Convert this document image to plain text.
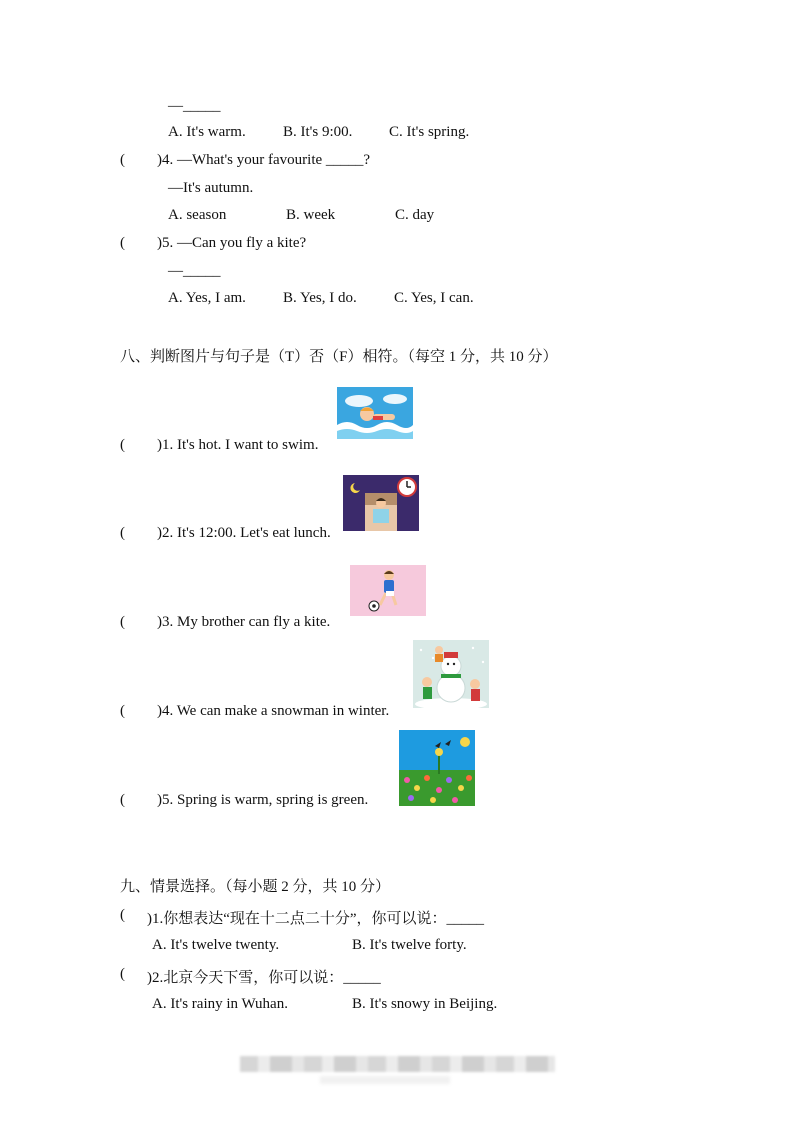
—_____
A. It's warm. B. It's 9:00. C. It's spring.
( )4. —What's your favourite _____?
—It's autumn.
A. season	B. week	C. day
( )5. —Can you fly a kite?
—_____
A. Yes, I am. B. Yes, I do. C. Yes, I can.
八、判断图片与句子是（T）否（F）相符。（每空 1 分，共 10 分）
( )1. It's hot. I want to swim.
( )2. It's 12:00. Let's eat lunch.
( )3. My brother can fly a kite.
( )4. We can make a snowman in winter.
( )5. Spring is warm, spring is green.
九、情景选择。（每小题 2 分，共 10 分）
( )1.你想表达“现在十二点二十分”，你可以说：_____
A. It's twelve twenty.	B. It's twelve forty.
( )2.北京今天下雪，你可以说：_____
A. It's rainy in Wuhan.	B. It's snowy in Beijing.
